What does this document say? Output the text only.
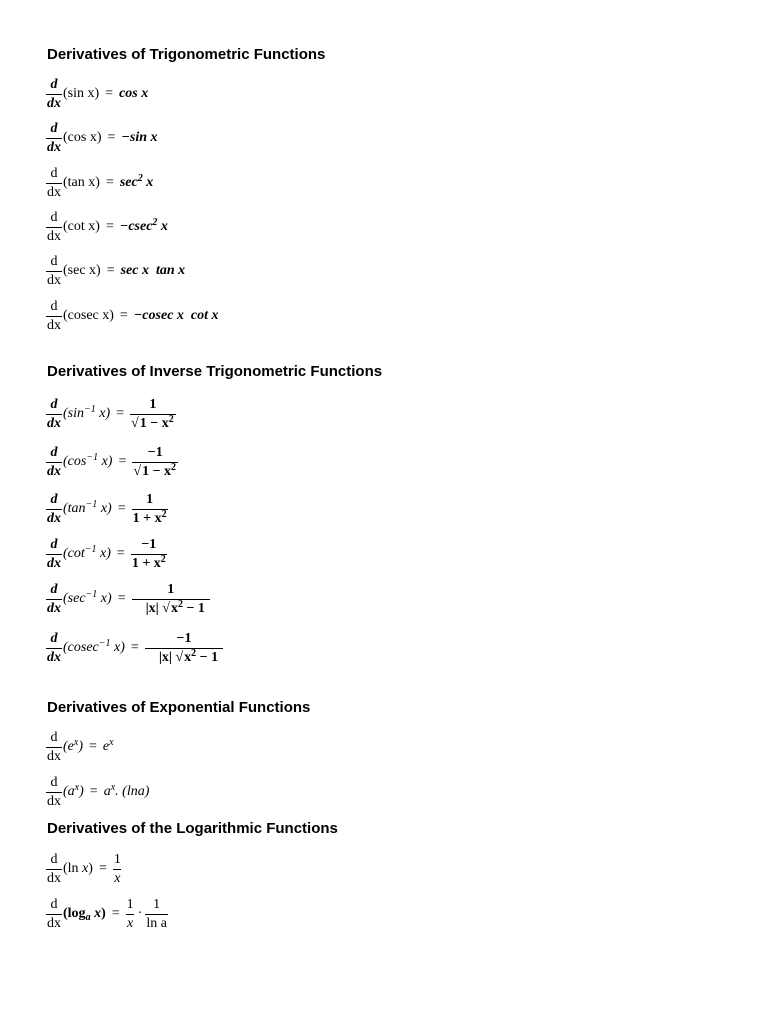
Derivatives of Trigonometric Functions
$\frac{d}{dx} (\sin$ x) = cos x
$\frac{d}{dx} (\cos$ x) = −sin x
$\frac{d}{dx} (\tan$ $x) = \sec^2 x$
$\frac{d}{dx} (\cot$ x) = −csec$^2$ x
$\frac{d}{dx} (\sec$ x) = sec x  tan x
$\frac{d}{dx} (cosec$ x) = −cosec x  cot x
Derivatives of Inverse Trigonometric Functions
$\frac{d}{dx} (\sin^{-1}$ $x) = \frac{1}{√1 - x^2}$
$\frac{d}{dx} (\cos^{-1}$ $x) = \frac{-1}{√1 - x^2}$
$\frac{d}{dx} (\tan^{-1}$ $x) = \frac{1}{1 + x^2}$
$\frac{d}{dx} (\cot^{-1}$ $x) = \frac{-1}{1 + x^2}$
$\frac{d}{dx} (\sec^{-1}$ $x) = \frac{1}{|x| √x^2 - 1}$
$\frac{d}{dx} (cosec^{-1}$ $x) = \frac{-1}{|x| √x^2 - 1}$
Derivatives of Exponential Functions
$\frac{d}{dx} (e^x) = e^x$
$\frac{d}{dx} (a^x) = a^x$. (lna)
Derivatives of the Logarithmic Functions
$\frac{d}{dx} (\ln$ $x) = \frac{1}{x}$
$\frac{d}{dx} (\log_a$ $x) = \frac{1}{x} \cdot \frac{1}{\text{ln a}}$
